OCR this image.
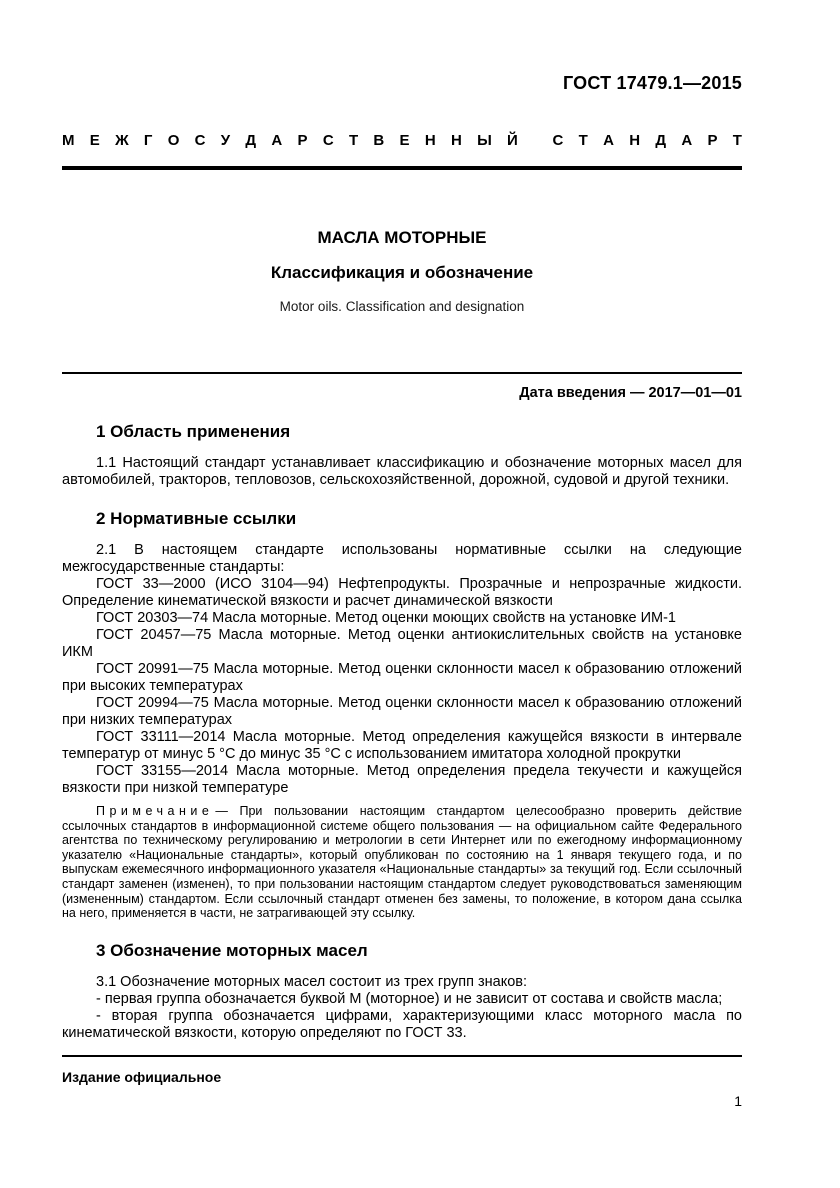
ГОСТ 17479.1—2015
М Е Ж Г О С У Д А Р С Т В Е Н Н Ы Й
С Т А Н Д А Р Т
МАСЛА МОТОРНЫЕ
Классификация и обозначение
Motor oils. Classification and designation
Дата введения — 2017—01—01
1 Область применения

1.1 Настоящий стандарт устанавливает классификацию и обозначение моторных масел для автомобилей, тракторов, тепловозов, сельскохозяйственной, дорожной, судовой и другой техники.

2 Нормативные ссылки

2.1 В настоящем стандарте использованы нормативные ссылки на следующие межгосударственные стандарты:

ГОСТ 33—2000 (ИСО 3104—94) Нефтепродукты. Прозрачные и непрозрачные жидкости. Определение кинематической вязкости и расчет динамической вязкости

ГОСТ 20303—74 Масла моторные. Метод оценки моющих свойств на установке ИМ-1

ГОСТ 20457—75 Масла моторные. Метод оценки антиокислительных свойств на установке ИКМ

ГОСТ 20991—75 Масла моторные. Метод оценки склонности масел к образованию отложений при высоких температурах

ГОСТ 20994—75 Масла моторные. Метод оценки склонности масел к образованию отложений при низких температурах

ГОСТ 33111—2014 Масла моторные. Метод определения кажущейся вязкости в интервале температур от минус 5 °С до минус 35 °С с использованием имитатора холодной прокрутки

ГОСТ 33155—2014 Масла моторные. Метод определения предела текучести и кажущейся вязкости при низкой температуре

Примечание — При пользовании настоящим стандартом целесообразно проверить действие ссылочных стандартов в информационной системе общего пользования — на официальном сайте Федерального агентства по техническому регулированию и метрологии в сети Интернет или по ежегодному информационному указателю «Национальные стандарты», который опубликован по состоянию на 1 января текущего года, и по выпускам ежемесячного информационного указателя «Национальные стандарты» за текущий год. Если ссылочный стандарт заменен (изменен), то при пользовании настоящим стандартом следует руководствоваться заменяющим (измененным) стандартом. Если ссылочный стандарт отменен без замены, то положение, в котором дана ссылка на него, применяется в части, не затрагивающей эту ссылку.

3 Обозначение моторных масел

3.1 Обозначение моторных масел состоит из трех групп знаков:

- первая группа обозначается буквой М (моторное) и не зависит от состава и свойств масла;

- вторая группа обозначается цифрами, характеризующими класс моторного масла по кинематической вязкости, которую определяют по ГОСТ 33.

Издание официальное
1
